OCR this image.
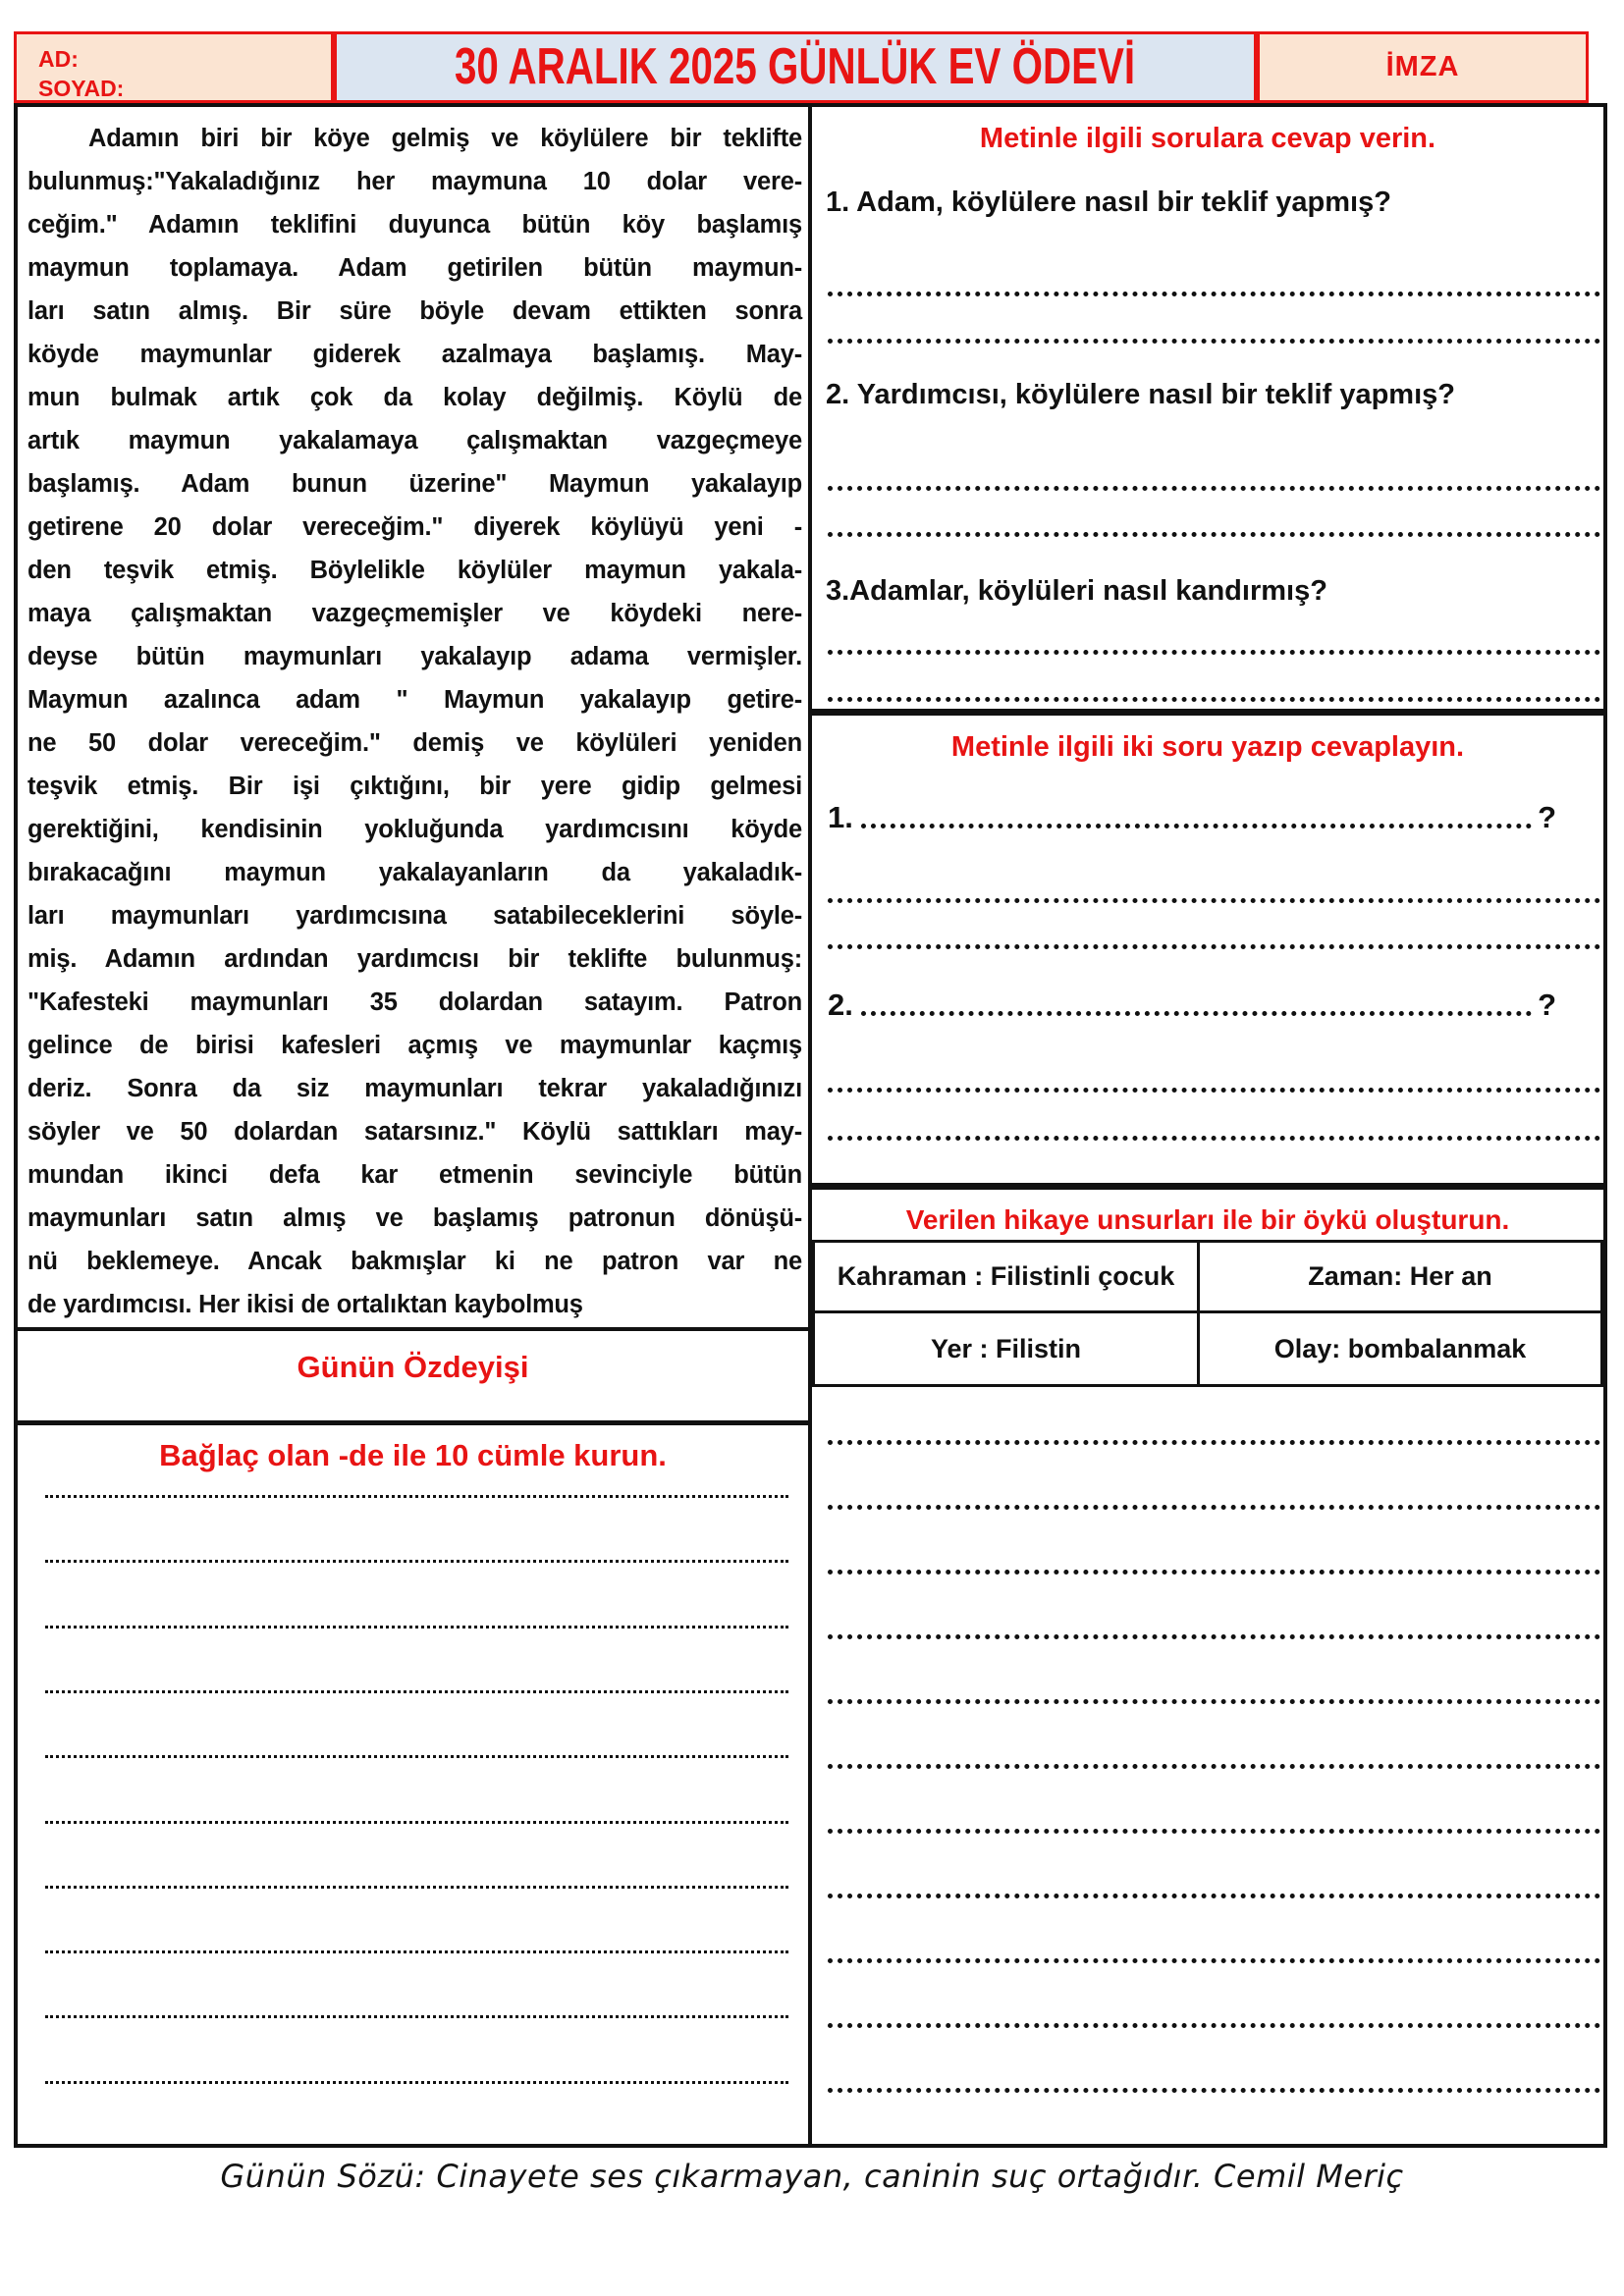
AD:
SOYAD:	30 ARALIK 2025 GÜNLÜK EV ÖDEVİ	İMZA
Adamın biri bir köye gelmiş ve köylülere bir teklifte
bulunmuş:"Yakaladığınız her maymuna 10 dolar vere-
ceğim." Adamın teklifini duyunca bütün köy başlamış
maymun toplamaya. Adam getirilen bütün maymun-
ları satın almış. Bir süre böyle devam ettikten sonra
köyde maymunlar giderek azalmaya başlamış. May-
mun bulmak artık çok da kolay değilmiş. Köylü de
artık maymun yakalamaya çalışmaktan vazgeçmeye
başlamış. Adam bunun üzerine" Maymun yakalayıp
getirene 20 dolar vereceğim." diyerek köylüyü yeni -
den teşvik etmiş. Böylelikle köylüler maymun yakala-
maya çalışmaktan vazgeçmemişler ve köydeki nere-
deyse bütün maymunları yakalayıp adama vermişler.
Maymun azalınca adam " Maymun yakalayıp getire-
ne 50 dolar vereceğim." demiş ve köylüleri yeniden
teşvik etmiş. Bir işi çıktığını, bir yere gidip gelmesi
gerektiğini, kendisinin yokluğunda yardımcısını köyde
bırakacağını maymun yakalayanların da yakaladık-
ları maymunları yardımcısına satabileceklerini söyle-
miş. Adamın ardından yardımcısı bir teklifte bulunmuş:
"Kafesteki maymunları 35 dolardan satayım. Patron
gelince de birisi kafesleri açmış ve maymunlar kaçmış
deriz. Sonra da siz maymunları tekrar yakaladığınızı
söyler ve 50 dolardan satarsınız." Köylü sattıkları may-
mundan ikinci defa kar etmenin sevinciyle bütün
maymunları satın almış ve başlamış patronun dönüşü-
nü beklemeye. Ancak bakmışlar ki ne patron var ne
de yardımcısı. Her ikisi de ortalıktan kaybolmuş
Günün Özdeyişi
Bağlaç olan -de ile 10 cümle kurun.
Metinle ilgili sorulara cevap verin.
1. Adam, köylülere nasıl bir teklif yapmış?
2. Yardımcısı, köylülere nasıl bir teklif yapmış?
3.Adamlar, köylüleri nasıl kandırmış?
Metinle ilgili iki soru yazıp cevaplayın.
1.	?
2.	?
Verilen hikaye unsurları ile bir öykü oluşturun.
Kahraman : Filistinli çocuk	Zaman: Her an
Yer : Filistin	Olay: bombalanmak
Günün Sözü: Cinayete ses çıkarmayan, caninin suç ortağıdır. Cemil Meriç
